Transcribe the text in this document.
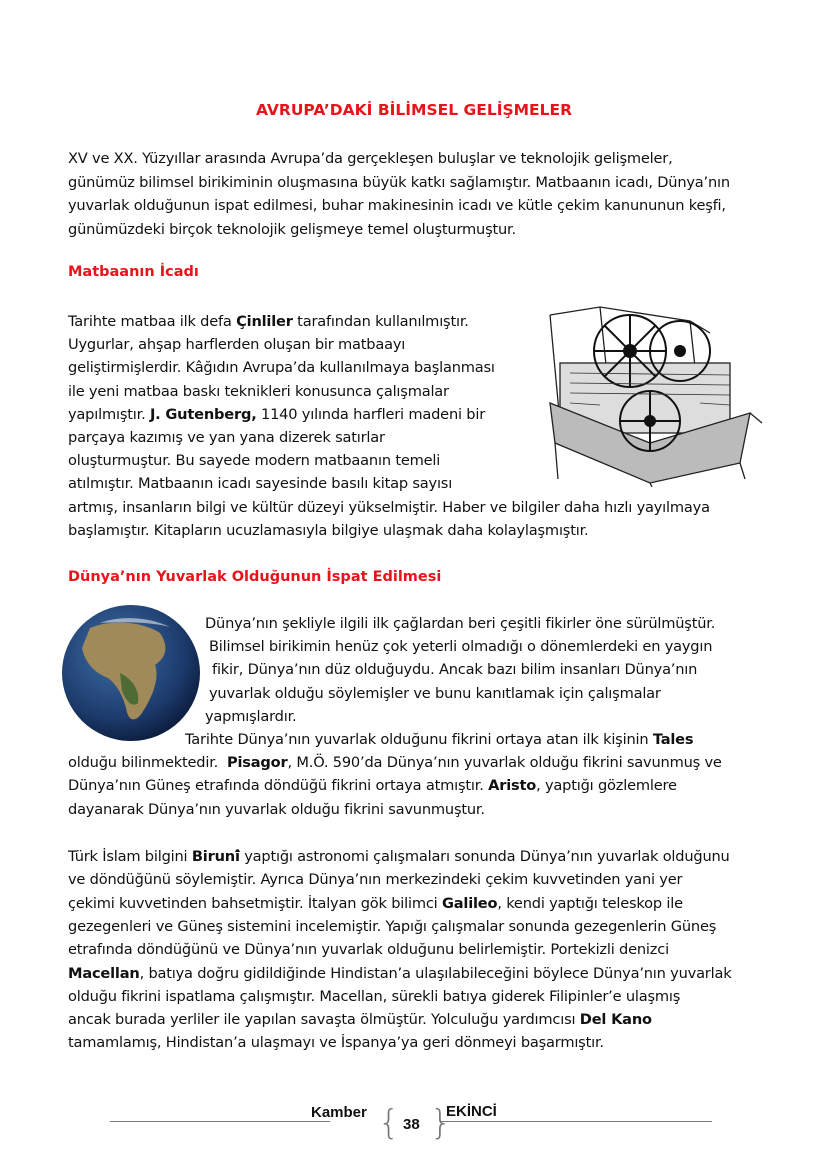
AVRUPA’DAKİ BİLİMSEL GELİŞMELER
XV ve XX. Yüzyıllar arasında Avrupa’da gerçekleşen buluşlar ve teknolojik gelişmeler,
günümüz bilimsel birikiminin oluşmasına büyük katkı sağlamıştır. Matbaanın icadı, Dünya’nın
yuvarlak olduğunun ispat edilmesi, buhar makinesinin icadı ve kütle çekim kanununun keşfi,
günümüzdeki birçok teknolojik gelişmeye temel oluşturmuştur.
Matbaanın İcadı
Tarihte matbaa ilk defa Çinliler tarafından kullanılmıştır.
Uygurlar, ahşap harflerden oluşan bir matbaayı
geliştirmişlerdir. Kâğıdın Avrupa’da kullanılmaya başlanması
ile yeni matbaa baskı teknikleri konusunca çalışmalar
yapılmıştır. J. Gutenberg, 1140 yılında harfleri madeni bir
parçaya kazımış ve yan yana dizerek satırlar
oluşturmuştur. Bu sayede modern matbaanın temeli
atılmıştır. Matbaanın icadı sayesinde basılı kitap sayısı
artmış, insanların bilgi ve kültür düzeyi yükselmiştir. Haber ve bilgiler daha hızlı yayılmaya
başlamıştır. Kitapların ucuzlamasıyla bilgiye ulaşmak daha kolaylaşmıştır.
Dünya’nın Yuvarlak Olduğunun İspat Edilmesi
Dünya’nın şekliyle ilgili ilk çağlardan beri çeşitli fikirler öne sürülmüştür.
Bilimsel birikimin henüz çok yeterli olmadığı o dönemlerdeki en yaygın
fikir, Dünya’nın düz olduğuydu. Ancak bazı bilim insanları Dünya’nın
yuvarlak olduğu söylemişler ve bunu kanıtlamak için çalışmalar
yapmışlardır.
Tarihte Dünya’nın yuvarlak olduğunu fikrini ortaya atan ilk kişinin Tales
olduğu bilinmektedir.  Pisagor, M.Ö. 590’da Dünya’nın yuvarlak olduğu fikrini savunmuş ve
Dünya’nın Güneş etrafında döndüğü fikrini ortaya atmıştır. Aristo, yaptığı gözlemlere
dayanarak Dünya’nın yuvarlak olduğu fikrini savunmuştur.
Türk İslam bilgini Biruni̇̂ yaptığı astronomi çalışmaları sonunda Dünya’nın yuvarlak olduğunu
ve döndüğünü söylemiştir. Ayrıca Dünya’nın merkezindeki çekim kuvvetinden yani yer
çekimi kuvvetinden bahsetmiştir. İtalyan gök bilimci Galileo, kendi yaptığı teleskop ile
gezegenleri ve Güneş sistemini incelemiştir. Yapığı çalışmalar sonunda gezegenlerin Güneş
etrafında döndüğünü ve Dünya’nın yuvarlak olduğunu belirlemiştir. Portekizli denizci
Macellan, batıya doğru gidildiğinde Hindistan’a ulaşılabileceğini böylece Dünya’nın yuvarlak
olduğu fikrini ispatlama çalışmıştır. Macellan, sürekli batıya giderek Filipinler’e ulaşmış
ancak burada yerliler ile yapılan savaşta ölmüştür. Yolculuğu yardımcısı Del Kano
tamamlamış, Hindistan’a ulaşmayı ve İspanya’ya geri dönmeyi başarmıştır.
Kamber { 38 }
EKİNCİ
